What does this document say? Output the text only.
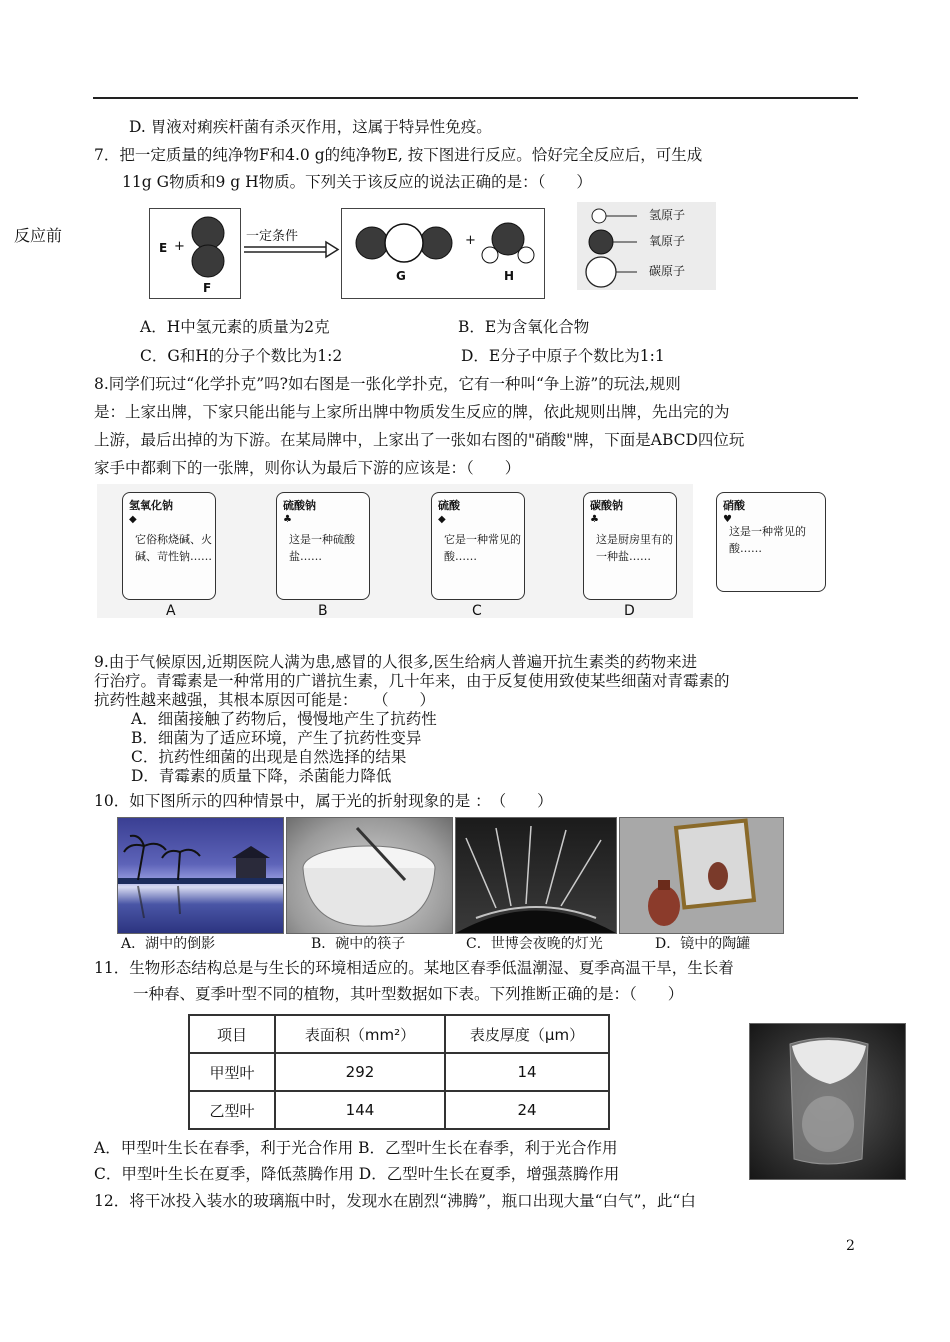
D. 胃液对痢疾杆菌有杀灭作用，这属于特异性免疫。
7．把一定质量的纯净物F和4.0 g的纯净物E, 按下图进行反应。恰好完全反应后，可生成
11g G物质和9 g H物质。下列关于该反应的说法正确的是：（　　）
反应前
E +
F
一定条件
G
+
H
氢原子
氧原子
碳原子
A．H中氢元素的质量为2克	B．E为含氧化合物
C．G和H的分子个数比为1:2	D．E分子中原子个数比为1:1
8.同学们玩过“化学扑克”吗?如右图是一张化学扑克，它有一种叫“争上游”的玩法,规则
是：上家出牌，下家只能出能与上家所出牌中物质发生反应的牌，依此规则出牌，先出完的为
上游，最后出掉的为下游。在某局牌中，上家出了一张如右图的"硝酸"牌，下面是ABCD四位玩
家手中都剩下的一张牌，则你认为最后下游的应该是：（　　）
氢氧化钠
◆
它俗称烧碱、火碱、苛性钠……
A
硫酸钠
♣
这是一种硫酸盐……
B
硫酸
◆
它是一种常见的酸……
C
碳酸钠
♣
这是厨房里有的一种盐……
D
硝酸
♥
这是一种常见的酸……
9.由于气候原因,近期医院人满为患,感冒的人很多,医生给病人普遍开抗生素类的药物来进
行治疗。青霉素是一种常用的广谱抗生素，几十年来，由于反复使用致使某些细菌对青霉素的
抗药性越来越强，其根本原因可能是：　　（　　）
A．细菌接触了药物后，慢慢地产生了抗药性
B．细菌为了适应环境，产生了抗药性变异
C．抗药性细菌的出现是自然选择的结果
D．青霉素的质量下降，杀菌能力降低
10．如下图所示的四种情景中，属于光的折射现象的是 ：　（　　）
A．湖中的倒影	B．碗中的筷子	C．世博会夜晚的灯光	D．镜中的陶罐
11．生物形态结构总是与生长的环境相适应的。某地区春季低温潮湿、夏季高温干旱，生长着
一种春、夏季叶型不同的植物，其叶型数据如下表。下列推断正确的是：（　　）
项目	表面积（mm²）	表皮厚度（μm）
甲型叶	292	14
乙型叶	144	24
A．甲型叶生长在春季，利于光合作用 B．乙型叶生长在春季，利于光合作用
C．甲型叶生长在夏季，降低蒸腾作用 D．乙型叶生长在夏季，增强蒸腾作用
12．将干冰投入装水的玻璃瓶中时，发现水在剧烈“沸腾”，瓶口出现大量“白气”，此“白
2
